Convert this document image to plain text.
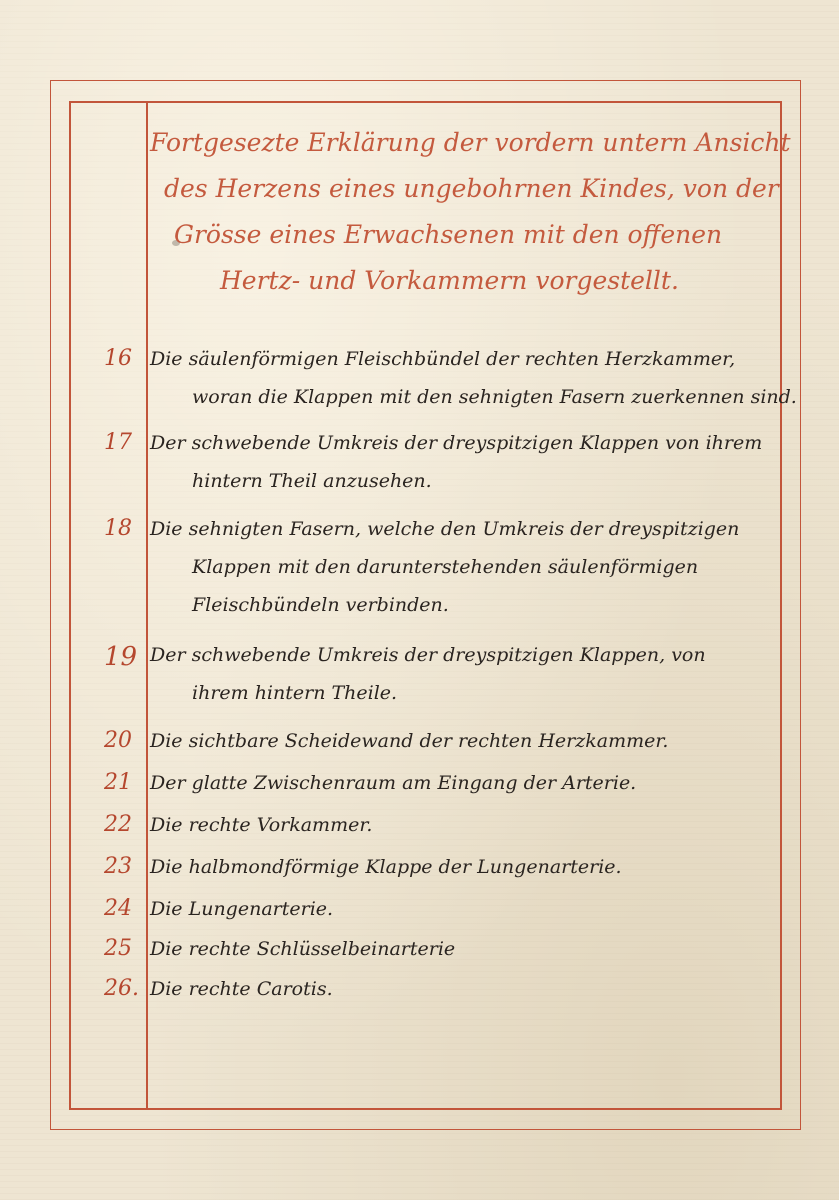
Fortgesezte Erklärung der vordern untern Ansicht
des Herzens eines ungebohrnen Kindes, von der
Grösse eines Erwachsenen mit den offenen
Hertz- und Vorkammern vorgestellt.
16 Die säulenförmigen Fleischbündel der rechten Herzkammer,
woran die Klappen mit den sehnigten Fasern zuerkennen sind.
17 Der schwebende Umkreis der dreyspitzigen Klappen von ihrem
hintern Theil anzusehen.
18 Die sehnigten Fasern, welche den Umkreis der dreyspitzigen
Klappen mit den darunterstehenden säulenförmigen
Fleischbündeln verbinden.
19 Der schwebende Umkreis der dreyspitzigen Klappen, von
ihrem hintern Theile.
20 Die sichtbare Scheidewand der rechten Herzkammer.
21 Der glatte Zwischenraum am Eingang der Arterie.
22 Die rechte Vorkammer.
23 Die halbmondförmige Klappe der Lungenarterie.
24 Die Lungenarterie.
25 Die rechte Schlüsselbeinarterie
26. Die rechte Carotis.
